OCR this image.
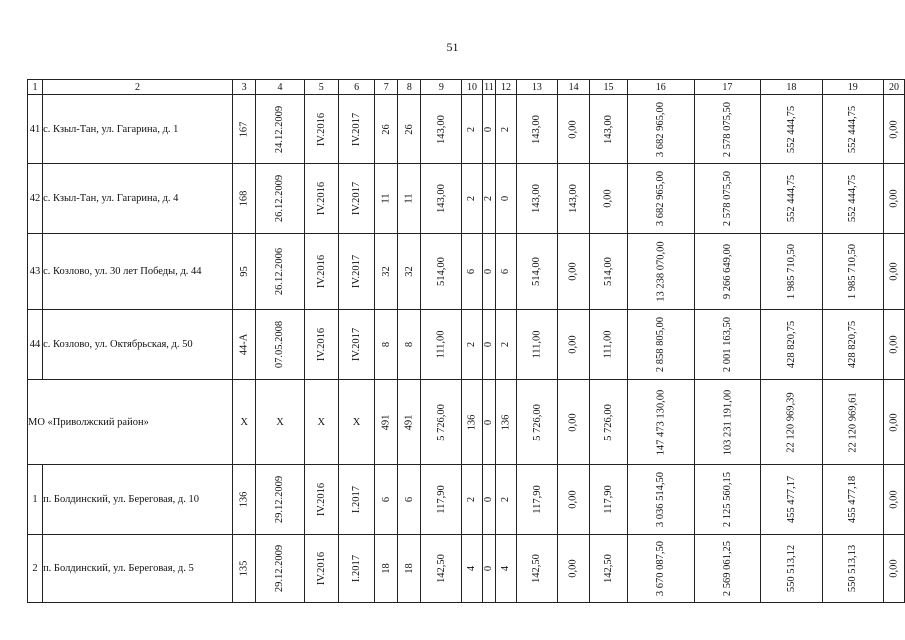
51
1	2	3	4	5	6	7	8	9	10	11	12	13	14	15	16	17	18	19	20
41	с. Кзыл-Тан, ул. Гагарина, д. 1	167	24.12.2009	IV.2016	IV.2017	26	26	143,00	2	0	2	143,00	0,00	143,00	3 682 965,00	2 578 075,50	552 444,75	552 444,75	0,00
42	с. Кзыл-Тан, ул. Гагарина, д. 4	168	26.12.2009	IV.2016	IV.2017	11	11	143,00	2	2	0	143,00	143,00	0,00	3 682 965,00	2 578 075,50	552 444,75	552 444,75	0,00
43	с. Козлово, ул. 30 лет Победы, д. 44	95	26.12.2006	IV.2016	IV.2017	32	32	514,00	6	0	6	514,00	0,00	514,00	13 238 070,00	9 266 649,00	1 985 710,50	1 985 710,50	0,00
44	с. Козлово, ул. Октябрьская, д. 50	44-А	07.05.2008	IV.2016	IV.2017	8	8	111,00	2	0	2	111,00	0,00	111,00	2 858 805,00	2 001 163,50	428 820,75	428 820,75	0,00
МО «Приволжский район»		Х	Х	Х	Х	491	491	5 726,00	136	0	136	5 726,00	0,00	5 726,00	147 473 130,00	103 231 191,00	22 120 969,39	22 120 969,61	0,00
1	п. Болдинский, ул. Береговая, д. 10	136	29.12.2009	IV.2016	I.2017	6	6	117,90	2	0	2	117,90	0,00	117,90	3 036 514,50	2 125 560,15	455 477,17	455 477,18	0,00
2	п. Болдинский, ул. Береговая, д. 5	135	29.12.2009	IV.2016	I.2017	18	18	142,50	4	0	4	142,50	0,00	142,50	3 670 087,50	2 569 061,25	550 513,12	550 513,13	0,00
